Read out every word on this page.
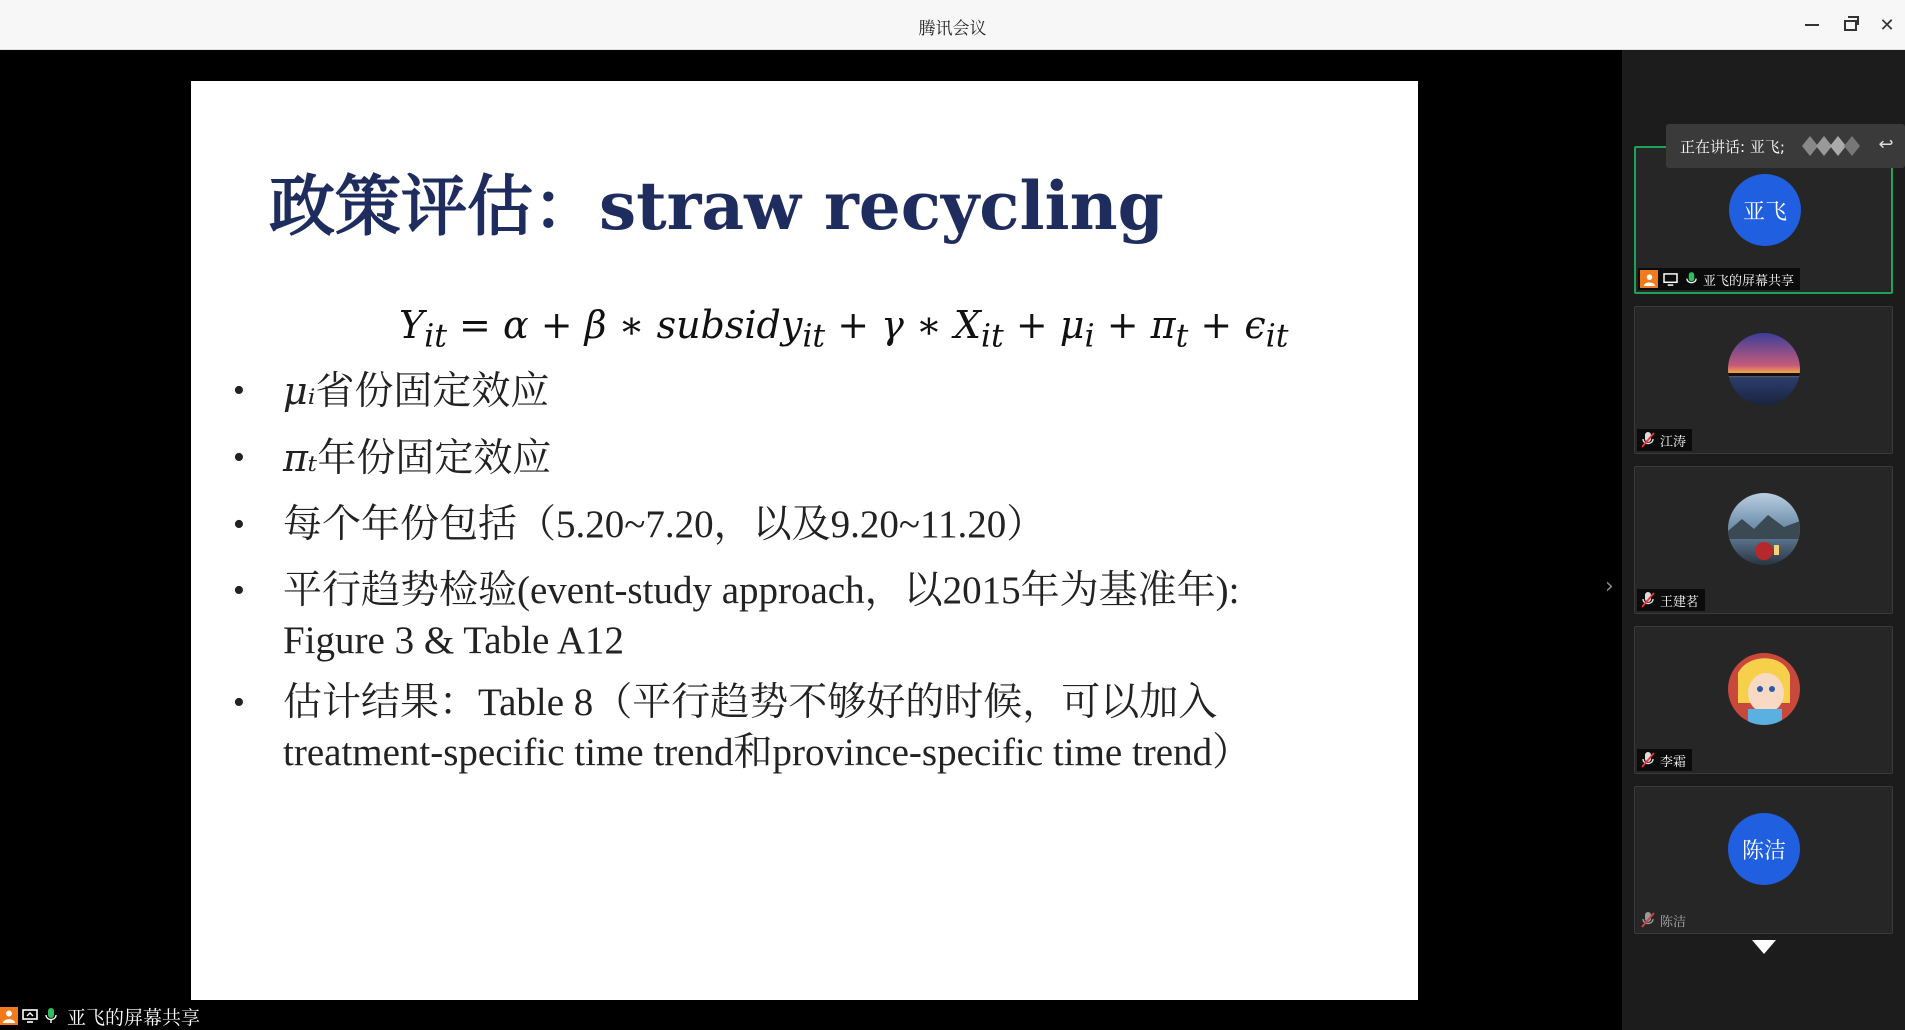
腾讯会议	✕
政策评估：straw recycling
$Y_{it} = \alpha + \beta$ ∗ subsidy$_{it}$ + γ ∗ $X_{it} + \mu_i + \pi_t + \epsilon_{it}$
• μᵢ省份固定效应
• πₜ年份固定效应
• 每个年份包括（5.20~7.20，以及9.20~11.20）
• 平行趋势检验(event-study approach，以2015年为基准年):
Figure 3 & Table A12
• 估计结果：Table 8（平行趋势不够好的时候，可以加入
treatment-specific time trend和province-specific time trend）
›
亚飞的屏幕共享
亚飞
亚飞的屏幕共享
正在讲话: 亚飞;	↩
江涛
王建茗
李霜
陈洁
陈洁
